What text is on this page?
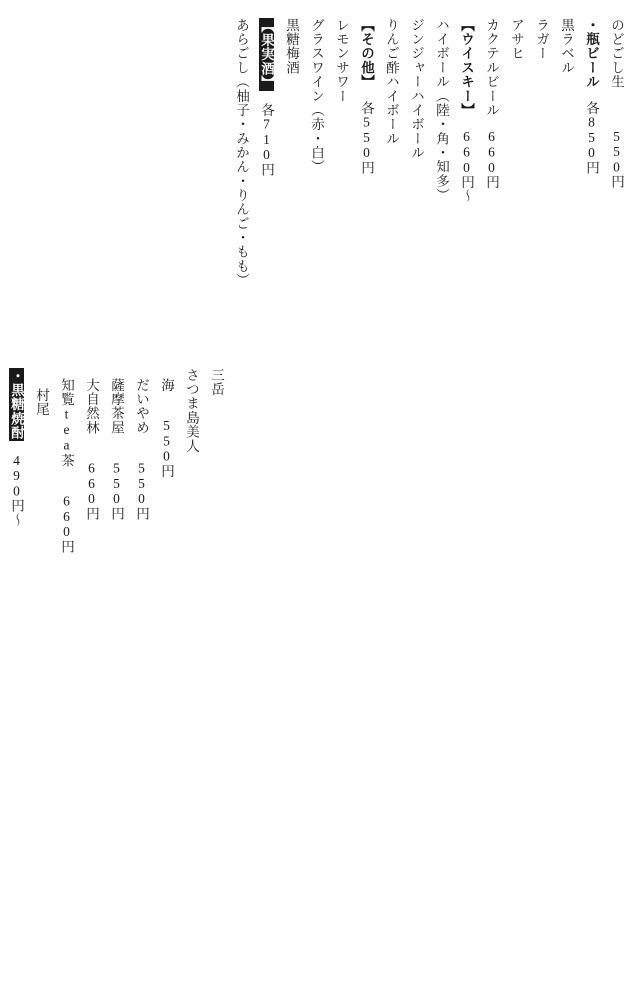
のどごし生550円
・瓶ビール各850円
黒ラベル
ラガー
アサヒ
カクテルビール660円
【ウイスキー】660円〜
ハイボール（陸・角・知多）
ジンジャーハイボール
りんご酢ハイボール
【その他】各550円
レモンサワー
グラスワイン（赤・白）
黒糖梅酒
【果実酒】各710円
あらごし（柚子・みかん・りんご・もも）
三岳
さつま島美人
海550円
だいやめ550円
薩摩茶屋550円
大自然林660円
知覧tea茶660円
村尾
・黒糖焼酎490円〜
